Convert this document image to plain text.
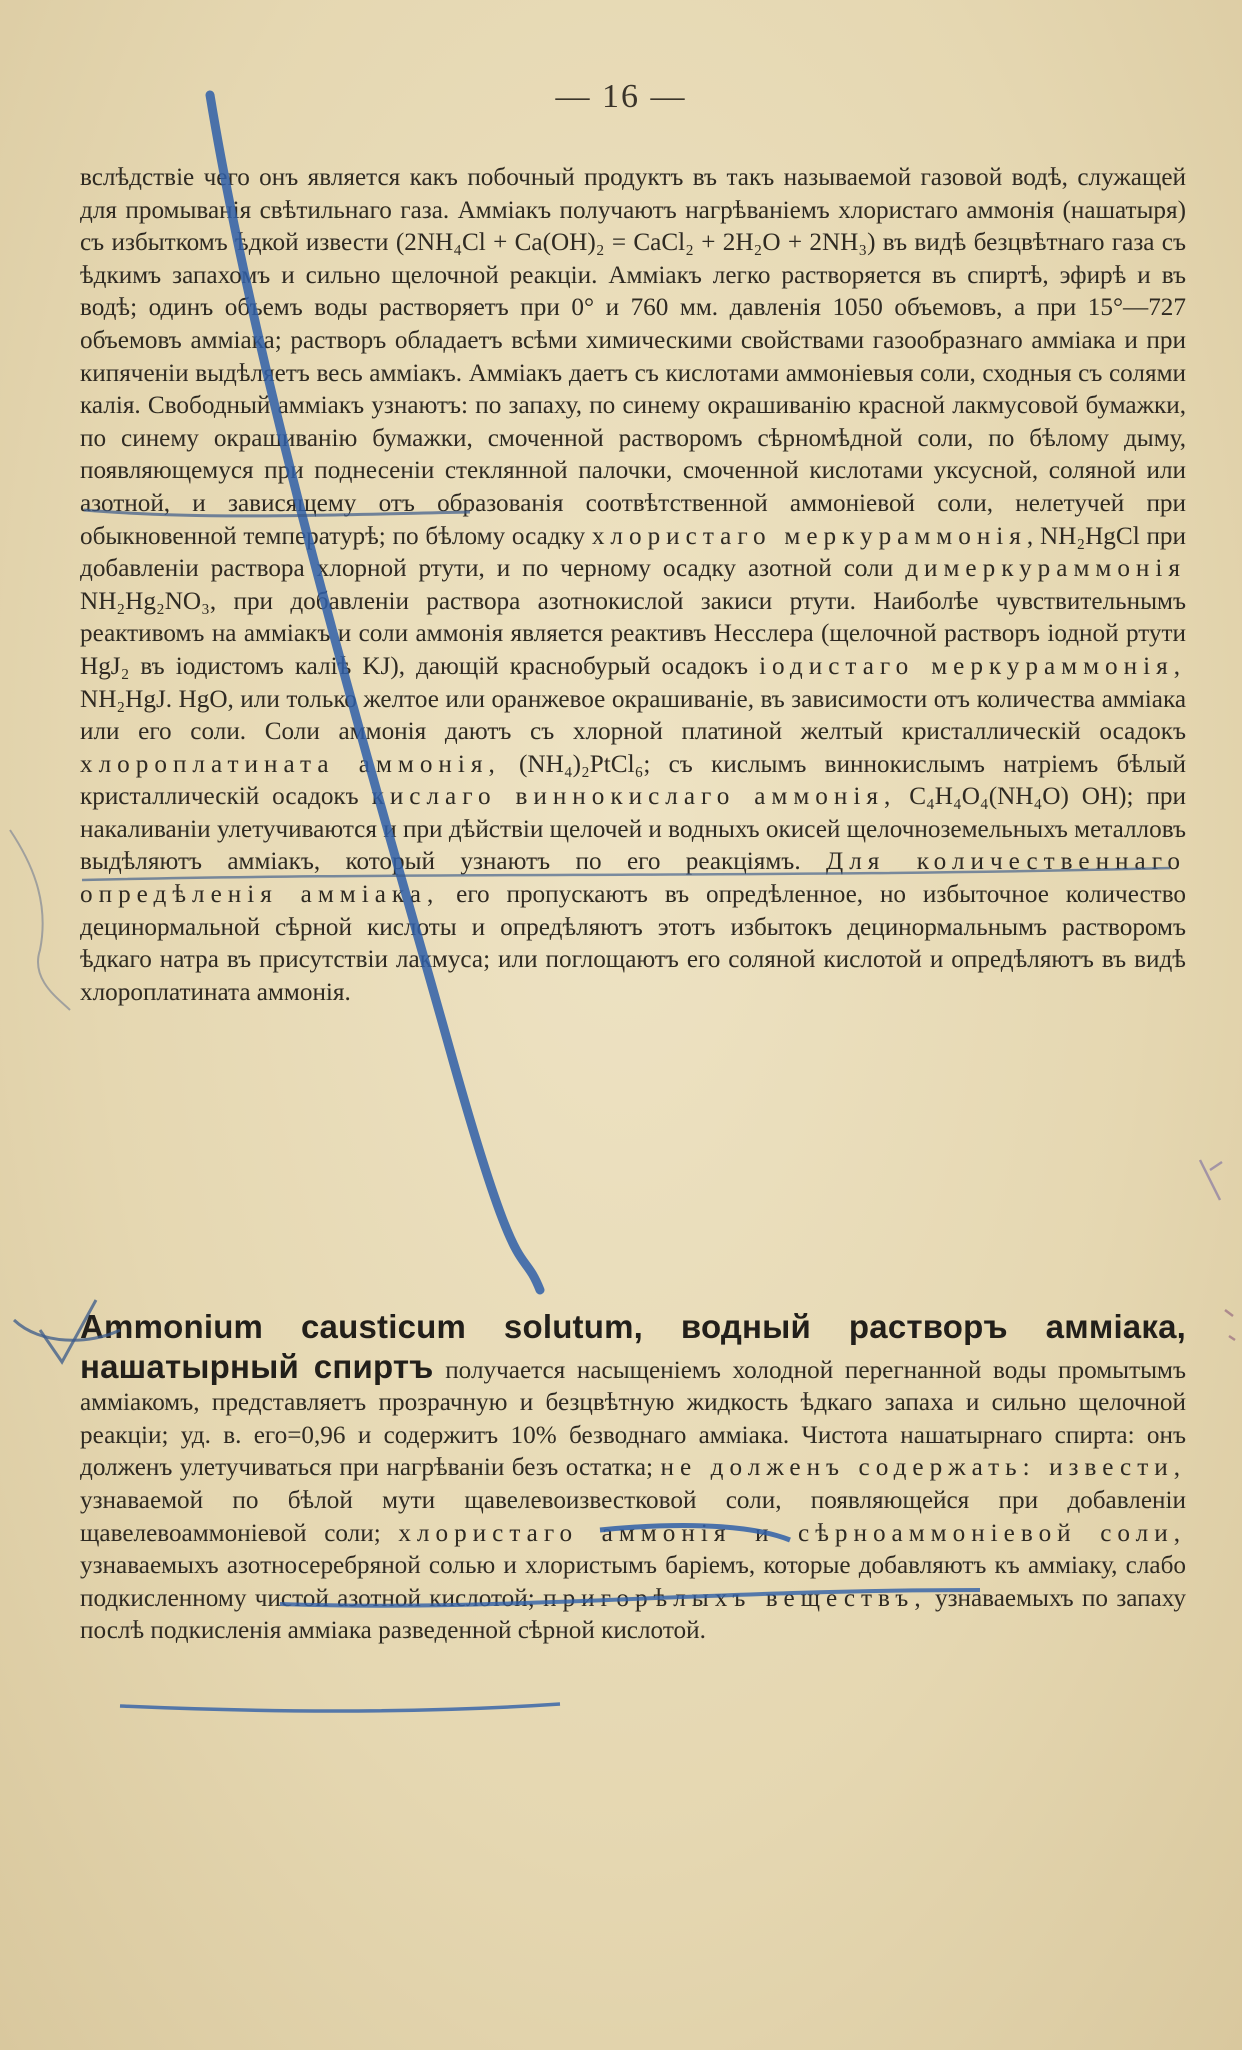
— 16 —
вслѣдствіе чего онъ является какъ побочный продуктъ въ такъ называемой газовой водѣ, служащей для промыванія свѣтильнаго газа. Аммiакъ получаютъ нагрѣваніемъ хлористаго аммонія (нашатыря) съ избыткомъ ѣдкой извести (2NH₄Cl + Ca(OH)₂ = CaCl₂ + 2H₂O + 2NH₃) въ видѣ безцвѣтнаго газа съ ѣдкимъ запахомъ и сильно щелочной реакціи. Аммiакъ легко растворяется въ спиртѣ, эфирѣ и въ водѣ; одинъ объемъ воды растворяетъ при 0° и 760 мм. давленія 1050 объемовъ, а при 15°—727 объемовъ аммiака; растворъ обладаетъ всѣми химическими свойствами газообразнаго аммiака и при кипяченіи выдѣляетъ весь аммiакъ. Аммiакъ даетъ съ кислотами аммоніевыя соли, сходныя съ солями калія. Свободный аммiакъ узнаютъ: по запаху, по синему окрашиванію красной лакмусовой бумажки, по синему окрашиванію бумажки, смоченной растворомъ сѣрномѣдной соли, по бѣлому дыму, появляющемуся при поднесеніи стеклянной палочки, смоченной кислотами уксусной, соляной или азотной, и зависящему отъ образованія соотвѣтственной аммоніевой соли, нелетучей при обыкновенной температурѣ; по бѣлому осадку хлористаго меркураммонія, NH₂HgCl при добавленіи раствора хлорной ртути, и по черному осадку азотной соли димеркураммонія NH₂Hg₂NO₃, при добавленіи раствора азотнокислой закиси ртути. Наиболѣе чувствительнымъ реактивомъ на аммiакъ и соли аммонія является реактивъ Несслера (щелочной растворъ іодной ртути HgJ₂ въ іодистомъ каліѣ KJ), дающій краснобурый осадокъ іодистаго меркураммонія, NH₂HgJ. HgO, или только желтое или оранжевое окрашиваніе, въ зависимости отъ количества аммiака или его соли. Соли аммонія даютъ съ хлорной платиной желтый кристаллическій осадокъ хлороплатината аммонія, (NH₄)₂PtCl₆; съ кислымъ виннокислымъ натріемъ бѣлый кристаллическій осадокъ кислаго виннокислаго аммонія, C₄H₄O₄(NH₄O) OH); при накаливаніи улетучиваются и при дѣйствіи щелочей и водныхъ окисей щелочноземельныхъ металловъ выдѣляютъ аммiакъ, который узнаютъ по его реакціямъ. Для количественнаго опредѣленія аммiака, его пропускаютъ въ опредѣленное, но избыточное количество децинормальной сѣрной кислоты и опредѣляютъ этотъ избытокъ децинормальнымъ растворомъ ѣдкаго натра въ присутствіи лакмуса; или поглощаютъ его соляной кислотой и опредѣляютъ въ видѣ хлороплатината аммонія.
Ammonium causticum solutum, водный растворъ аммiака, нашатырный спиртъ получается насыщеніемъ холодной перегнанной воды промытымъ аммiакомъ, представляетъ прозрачную и безцвѣтную жидкость ѣдкаго запаха и сильно щелочной реакціи; уд. в. его=0,96 и содержитъ 10% безводнаго аммiака. Чистота нашатырнаго спирта: онъ долженъ улетучиваться при нагрѣваніи безъ остатка; не долженъ содержать: извести, узнаваемой по бѣлой мути щавелевоизвестковой соли, появляющейся при добавленіи щавелевоаммоніевой соли; хлористаго аммонія и сѣрноаммоніевой соли, узнаваемыхъ азотносеребряной солью и хлористымъ баріемъ, которые добавляютъ къ аммiаку, слабо подкисленному чистой азотной кислотой; пригорѣлыхъ веществъ, узнаваемыхъ по запаху послѣ подкисленія аммiака разведенной сѣрной кислотой.
